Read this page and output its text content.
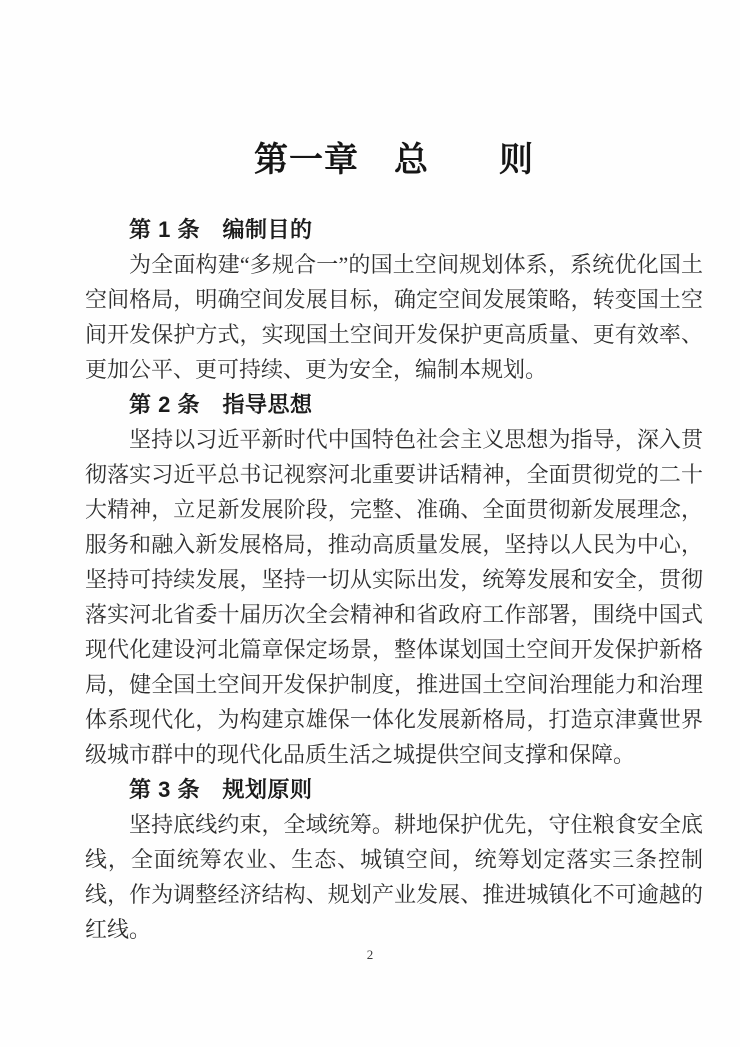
第一章　总　　则
第 1 条　编制目的

为全面构建“多规合一”的国土空间规划体系，系统优化国土空间格局，明确空间发展目标，确定空间发展策略，转变国土空间开发保护方式，实现国土空间开发保护更高质量、更有效率、更加公平、更可持续、更为安全，编制本规划。

第 2 条　指导思想

坚持以习近平新时代中国特色社会主义思想为指导，深入贯彻落实习近平总书记视察河北重要讲话精神，全面贯彻党的二十大精神，立足新发展阶段，完整、准确、全面贯彻新发展理念，服务和融入新发展格局，推动高质量发展，坚持以人民为中心，坚持可持续发展，坚持一切从实际出发，统筹发展和安全，贯彻落实河北省委十届历次全会精神和省政府工作部署，围绕中国式现代化建设河北篇章保定场景，整体谋划国土空间开发保护新格局，健全国土空间开发保护制度，推进国土空间治理能力和治理体系现代化，为构建京雄保一体化发展新格局，打造京津冀世界级城市群中的现代化品质生活之城提供空间支撑和保障。

第 3 条　规划原则

坚持底线约束，全域统筹。耕地保护优先，守住粮食安全底线，全面统筹农业、生态、城镇空间，统筹划定落实三条控制线，作为调整经济结构、规划产业发展、推进城镇化不可逾越的红线。

2
